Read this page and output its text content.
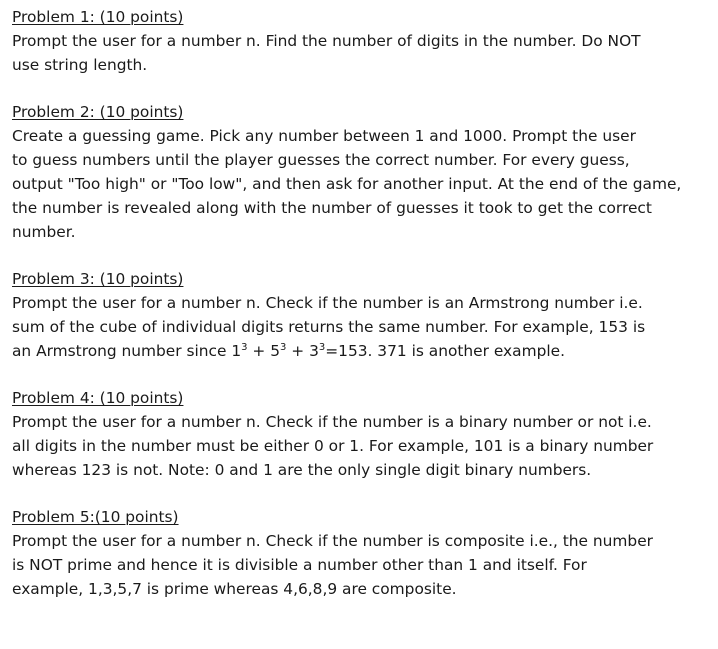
Problem 1: (10 points)
Prompt the user for a number n. Find the number of digits in the number. Do NOT
use string length.
Problem 2: (10 points)
Create a guessing game. Pick any number between 1 and 1000. Prompt the user
to guess numbers until the player guesses the correct number. For every guess,
output "Too high" or "Too low", and then ask for another input. At the end of the game,
the number is revealed along with the number of guesses it took to get the correct
number.
Problem 3: (10 points)
Prompt the user for a number n. Check if the number is an Armstrong number i.e.
sum of the cube of individual digits returns the same number. For example, 153 is
an Armstrong number since $1^3 + 5^3 + 3^3=153$. 371 is another example.
Problem 4: (10 points)
Prompt the user for a number n. Check if the number is a binary number or not i.e.
all digits in the number must be either 0 or 1. For example, 101 is a binary number
whereas 123 is not. Note: 0 and 1 are the only single digit binary numbers.
Problem 5:(10 points)
Prompt the user for a number n. Check if the number is composite i.e., the number
is NOT prime and hence it is divisible a number other than 1 and itself. For
example, 1,3,5,7 is prime whereas 4,6,8,9 are composite.
